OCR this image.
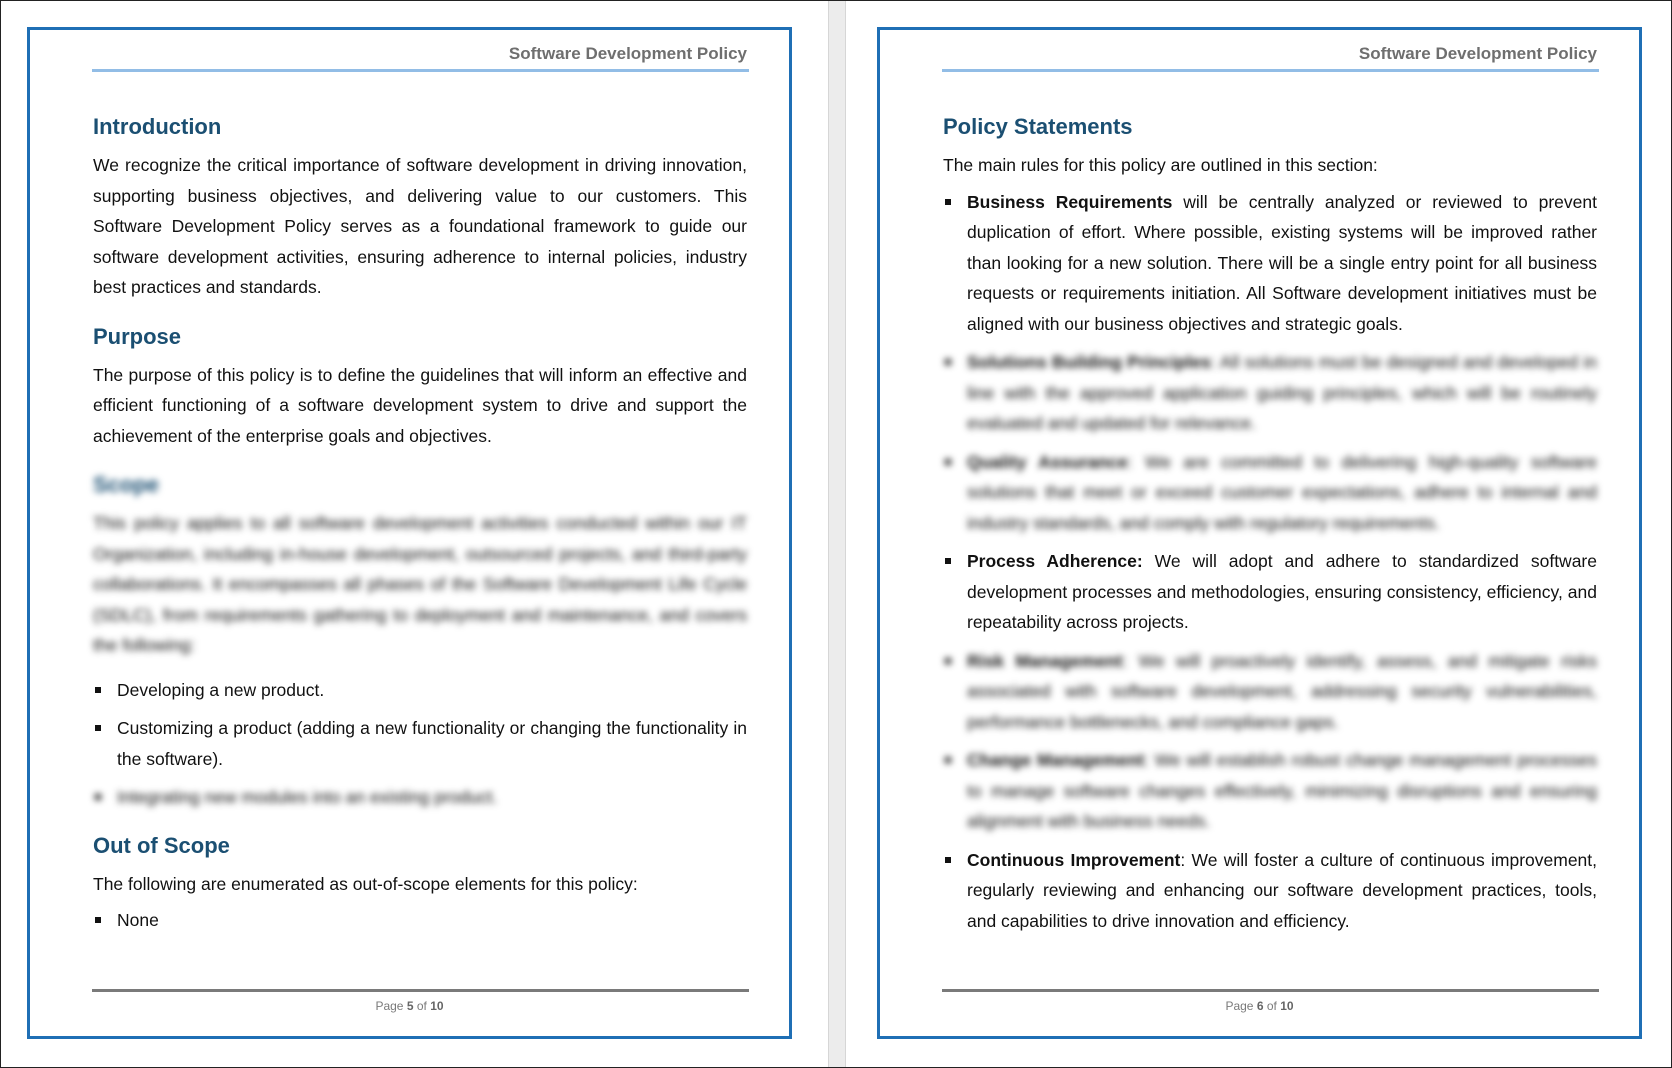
Software Development Policy
Introduction

We recognize the critical importance of software development in driving innovation, supporting business objectives, and delivering value to our customers. This Software Development Policy serves as a foundational framework to guide our software development activities, ensuring adherence to internal policies, industry best practices and standards.

Purpose

The purpose of this policy is to define the guidelines that will inform an effective and efficient functioning of a software development system to drive and support the achievement of the enterprise goals and objectives.

Scope

This policy applies to all software development activities conducted within our IT Organization, including in-house development, outsourced projects, and third-party collaborations. It encompasses all phases of the Software Development Life Cycle (SDLC), from requirements gathering to deployment and maintenance, and covers the following:

Developing a new product.
Customizing a product (adding a new functionality or changing the functionality in the software).
Integrating new modules into an existing product.
Out of Scope

The following are enumerated as out-of-scope elements for this policy:

None
Page 5 of 10
Software Development Policy
Policy Statements

The main rules for this policy are outlined in this section:

Business Requirements will be centrally analyzed or reviewed to prevent duplication of effort. Where possible, existing systems will be improved rather than looking for a new solution. There will be a single entry point for all business requests or requirements initiation. All Software development initiatives must be aligned with our business objectives and strategic goals.
Solutions Building Principles: All solutions must be designed and developed in line with the approved application guiding principles, which will be routinely evaluated and updated for relevance.
Quality Assurance: We are committed to delivering high-quality software solutions that meet or exceed customer expectations, adhere to internal and industry standards, and comply with regulatory requirements.
Process Adherence: We will adopt and adhere to standardized software development processes and methodologies, ensuring consistency, efficiency, and repeatability across projects.
Risk Management: We will proactively identify, assess, and mitigate risks associated with software development, addressing security vulnerabilities, performance bottlenecks, and compliance gaps.
Change Management: We will establish robust change management processes to manage software changes effectively, minimizing disruptions and ensuring alignment with business needs.
Continuous Improvement: We will foster a culture of continuous improvement, regularly reviewing and enhancing our software development practices, tools, and capabilities to drive innovation and efficiency.
Page 6 of 10
